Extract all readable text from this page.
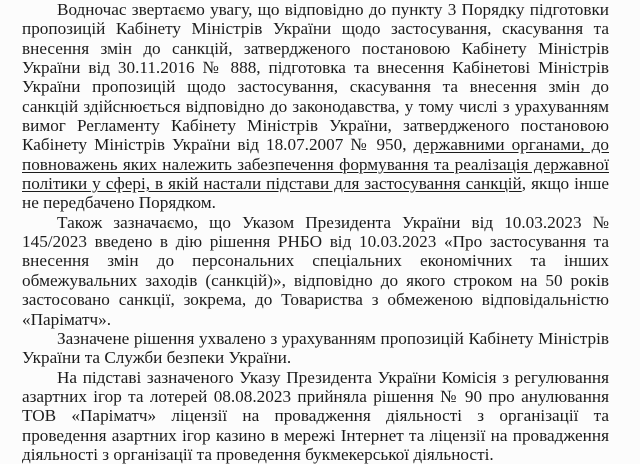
Водночас звертаємо увагу, що відповідно до пункту 3 Порядку підготовки пропозицій Кабінету Міністрів України щодо застосування, скасування та внесення змін до санкцій, затвердженого постановою Кабінету Міністрів України від 30.11.2016 № 888, підготовка та внесення Кабінетові Міністрів України пропозицій щодо застосування, скасування та внесення змін до санкцій здійснюється відповідно до законодавства, у тому числі з урахуванням вимог Регламенту Кабінету Міністрів України, затвердженого постановою Кабінету Міністрів України від 18.07.2007 № 950, державними органами, до повноважень яких належить забезпечення формування та реалізація державної політики у сфері, в якій настали підстави для застосування санкцій, якщо інше не передбачено Порядком.

Також зазначаємо, що Указом Президента України від 10.03.2023 № 145/2023 введено в дію рішення РНБО від 10.03.2023 «Про застосування та внесення змін до персональних спеціальних економічних та інших обмежувальних заходів (санкцій)», відповідно до якого строком на 50 років застосовано санкції, зокрема, до Товариства з обмеженою відповідальністю «Паріматч».

Зазначене рішення ухвалено з урахуванням пропозицій Кабінету Міністрів України та Служби безпеки України.

На підставі зазначеного Указу Президента України Комісія з регулювання азартних ігор та лотерей 08.08.2023 прийняла рішення № 90 про анулювання ТОВ «Паріматч» ліцензії на провадження діяльності з організації та проведення азартних ігор казино в мережі Інтернет та ліцензії на провадження діяльності з організації та проведення букмекерської діяльності.
